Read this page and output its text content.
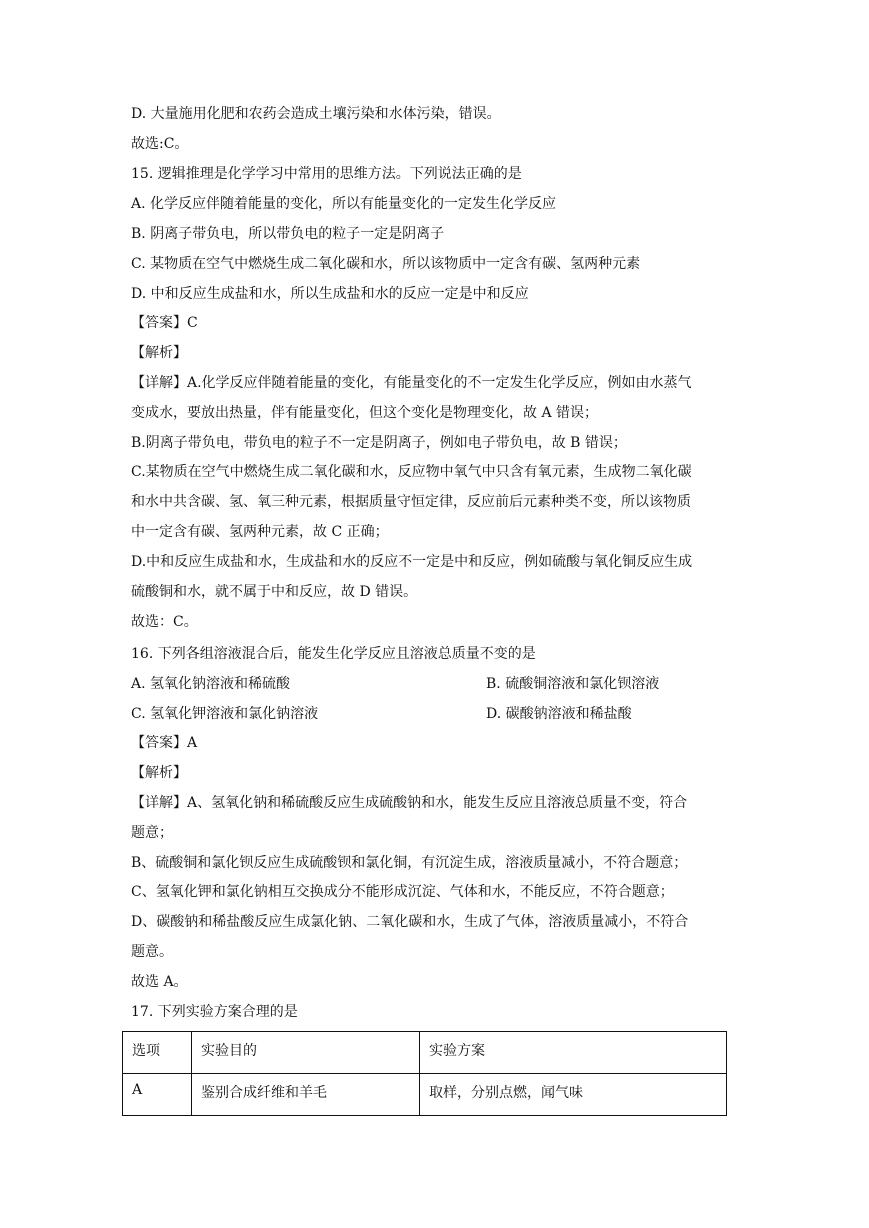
D. 大量施用化肥和农药会造成土壤污染和水体污染，错误。
故选:C。
15. 逻辑推理是化学学习中常用的思维方法。下列说法正确的是
A. 化学反应伴随着能量的变化，所以有能量变化的一定发生化学反应
B. 阴离子带负电，所以带负电的粒子一定是阴离子
C. 某物质在空气中燃烧生成二氧化碳和水，所以该物质中一定含有碳、氢两种元素
D. 中和反应生成盐和水，所以生成盐和水的反应一定是中和反应
【答案】C
【解析】
【详解】A.化学反应伴随着能量的变化，有能量变化的不一定发生化学反应，例如由水蒸气
变成水，要放出热量，伴有能量变化，但这个变化是物理变化，故 A 错误；
B.阴离子带负电，带负电的粒子不一定是阴离子，例如电子带负电，故 B 错误；
C.某物质在空气中燃烧生成二氧化碳和水，反应物中氧气中只含有氧元素，生成物二氧化碳
和水中共含碳、氢、氧三种元素，根据质量守恒定律，反应前后元素种类不变，所以该物质
中一定含有碳、氢两种元素，故 C 正确；
D.中和反应生成盐和水，生成盐和水的反应不一定是中和反应，例如硫酸与氧化铜反应生成
硫酸铜和水，就不属于中和反应，故 D 错误。
故选：C。
16. 下列各组溶液混合后，能发生化学反应且溶液总质量不变的是
A. 氢氧化钠溶液和稀硫酸	B. 硫酸铜溶液和氯化钡溶液
C. 氢氧化钾溶液和氯化钠溶液	D. 碳酸钠溶液和稀盐酸
【答案】A
【解析】
【详解】A、氢氧化钠和稀硫酸反应生成硫酸钠和水，能发生反应且溶液总质量不变，符合
题意；
B、硫酸铜和氯化钡反应生成硫酸钡和氯化铜，有沉淀生成，溶液质量减小，不符合题意；
C、氢氧化钾和氯化钠相互交换成分不能形成沉淀、气体和水，不能反应，不符合题意；
D、碳酸钠和稀盐酸反应生成氯化钠、二氧化碳和水，生成了气体，溶液质量减小，不符合
题意。
故选 A。
17. 下列实验方案合理的是
选项	实验目的	实验方案
A	鉴别合成纤维和羊毛	取样，分别点燃，闻气味
